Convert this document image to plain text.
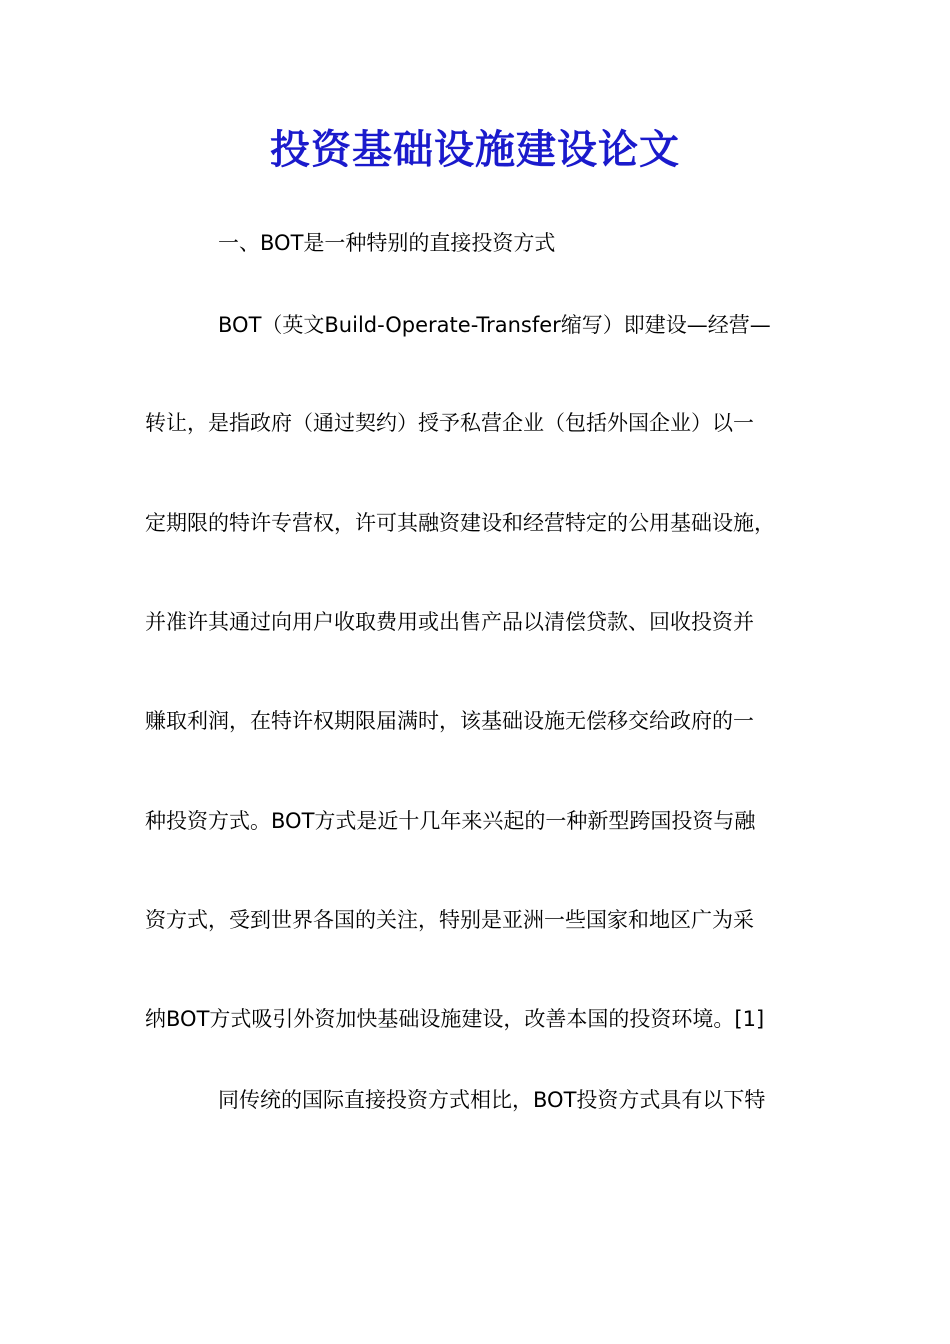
投资基础设施建设论文

一、BOT是一种特别的直接投资方式

BOT（英文Build-Operate-Transfer缩写）即建设—经营—

转让，是指政府（通过契约）授予私营企业（包括外国企业）以一

定期限的特许专营权，许可其融资建设和经营特定的公用基础设施，

并准许其通过向用户收取费用或出售产品以清偿贷款、回收投资并

赚取利润，在特许权期限届满时，该基础设施无偿移交给政府的一

种投资方式。BOT方式是近十几年来兴起的一种新型跨国投资与融

资方式，受到世界各国的关注，特别是亚洲一些国家和地区广为采

纳BOT方式吸引外资加快基础设施建设，改善本国的投资环境。[1]

同传统的国际直接投资方式相比，BOT投资方式具有以下特
